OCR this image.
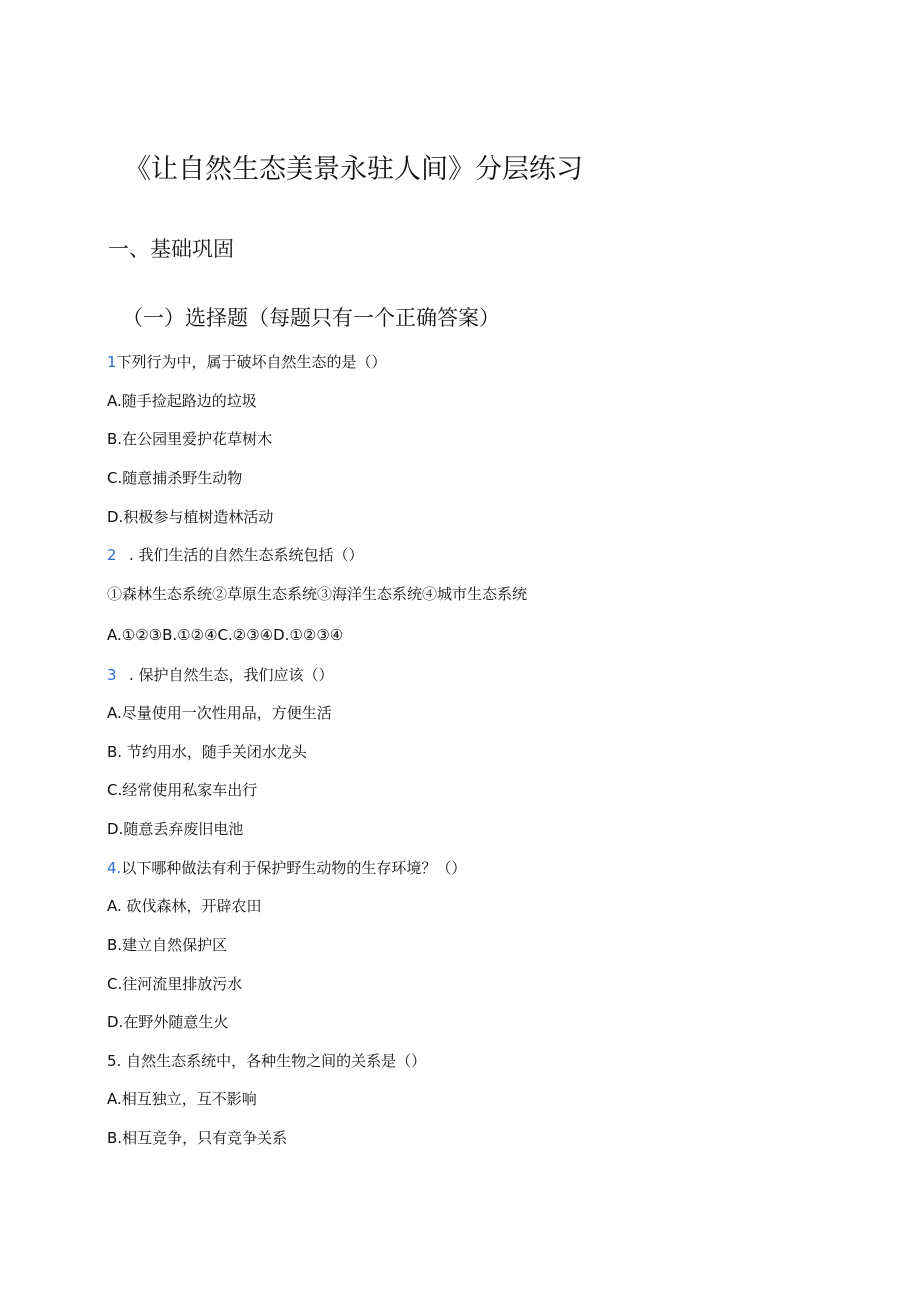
《让自然生态美景永驻人间》分层练习
一、基础巩固
（一）选择题（每题只有一个正确答案）
1下列行为中，属于破坏自然生态的是（）
A.随手捡起路边的垃圾
B.在公园里爱护花草树木
C.随意捕杀野生动物
D.积极参与植树造林活动
2 . 我们生活的自然生态系统包括（）
①森林生态系统②草原生态系统③海洋生态系统④城市生态系统
A.①②③B.①②④C.②③④D.①②③④
3 . 保护自然生态，我们应该（）
A.尽量使用一次性用品，方便生活
B. 节约用水，随手关闭水龙头
C.经常使用私家车出行
D.随意丢弃废旧电池
4.以下哪种做法有利于保护野生动物的生存环境？（）
A. 砍伐森林，开辟农田
B.建立自然保护区
C.往河流里排放污水
D.在野外随意生火
5. 自然生态系统中，各种生物之间的关系是（）
A.相互独立，互不影响
B.相互竞争，只有竞争关系
